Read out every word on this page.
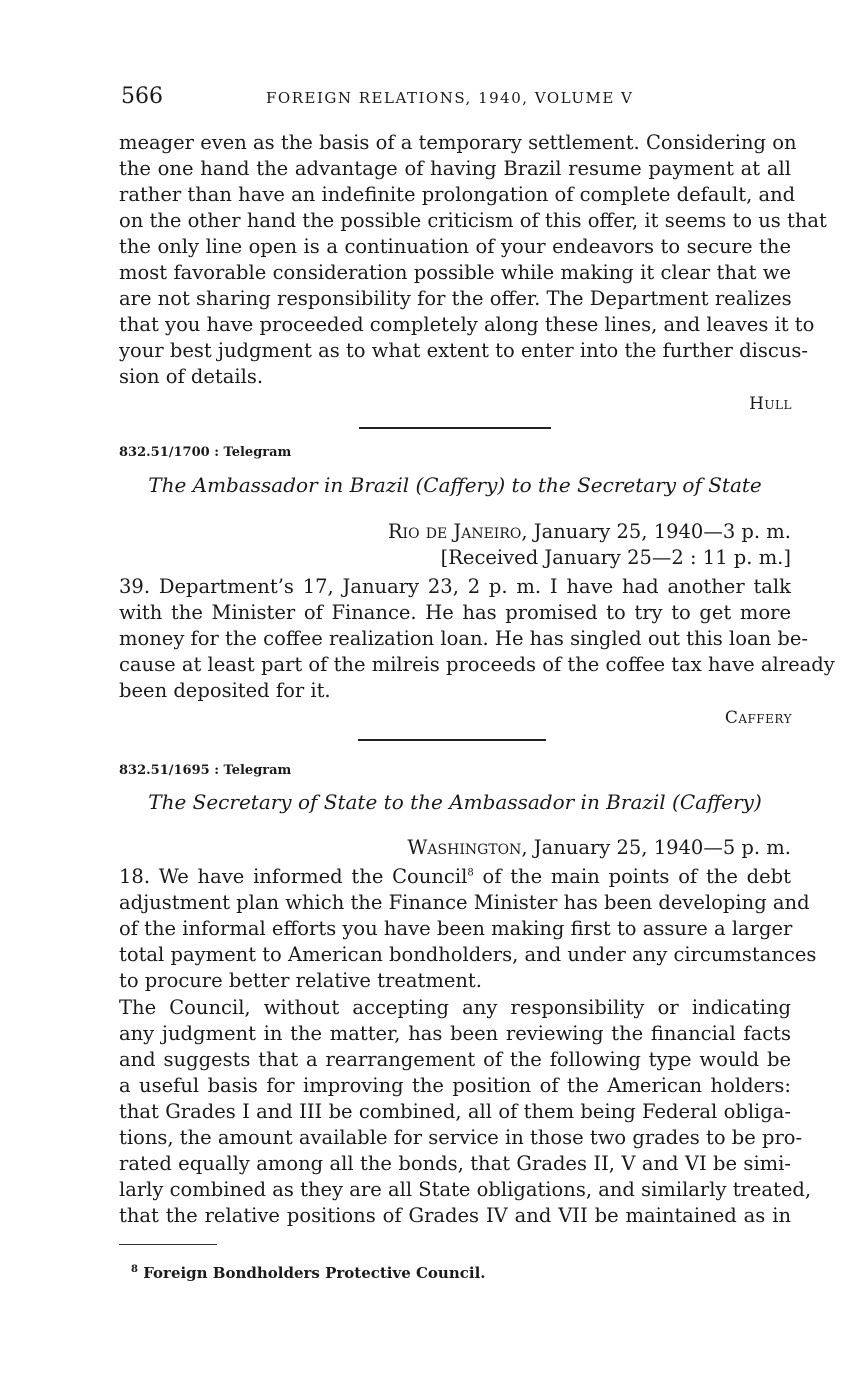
566	FOREIGN RELATIONS, 1940, VOLUME V
meager even as the basis of a temporary settlement. Considering on
the one hand the advantage of having Brazil resume payment at all
rather than have an indefinite prolongation of complete default, and
on the other hand the possible criticism of this offer, it seems to us that
the only line open is a continuation of your endeavors to secure the
most favorable consideration possible while making it clear that we
are not sharing responsibility for the offer. The Department realizes
that you have proceeded completely along these lines, and leaves it to
your best judgment as to what extent to enter into the further discus-
sion of details.
Hull
832.51/1700 : Telegram
The Ambassador in Brazil (Caffery) to the Secretary of State
Rio de Janeiro, January 25, 1940—3 p. m.
[Received January 25—2 : 11 p. m.]
39. Department’s 17, January 23, 2 p. m. I have had another talk
with the Minister of Finance. He has promised to try to get more
money for the coffee realization loan. He has singled out this loan be-
cause at least part of the milreis proceeds of the coffee tax have already
been deposited for it.
Caffery
832.51/1695 : Telegram
The Secretary of State to the Ambassador in Brazil (Caffery)
Washington, January 25, 1940—5 p. m.
18. We have informed the Council$^8$ of the main points of the debt
adjustment plan which the Finance Minister has been developing and
of the informal efforts you have been making first to assure a larger
total payment to American bondholders, and under any circumstances
to procure better relative treatment.
The Council, without accepting any responsibility or indicating
any judgment in the matter, has been reviewing the financial facts
and suggests that a rearrangement of the following type would be
a useful basis for improving the position of the American holders:
that Grades I and III be combined, all of them being Federal obliga-
tions, the amount available for service in those two grades to be pro-
rated equally among all the bonds, that Grades II, V and VI be simi-
larly combined as they are all State obligations, and similarly treated,
that the relative positions of Grades IV and VII be maintained as in
$^8$ Foreign Bondholders Protective Council.
